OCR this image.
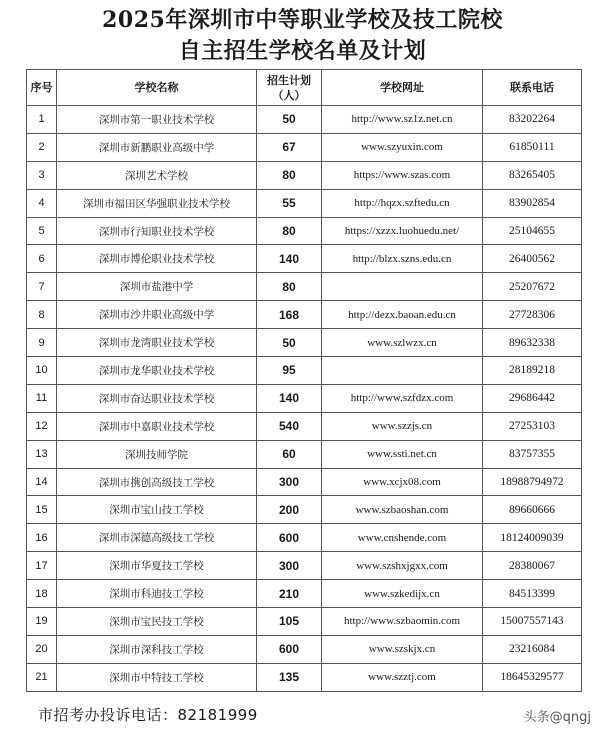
2025年深圳市中等职业学校及技工院校
自主招生学校名单及计划
序号	学校名称	招生计划（人）	学校网址	联系电话
1	深圳市第一职业技术学校	50	http://www.sz1z.net.cn	83202264
2	深圳市新鹏职业高级中学	67	www.szyuxin.com	61850111
3	深圳艺术学校	80	https://www.szas.com	83265405
4	深圳市福田区华强职业技术学校	55	http://hqzx.szftedu.cn	83902854
5	深圳市行知职业技术学校	80	https://xzzx.luohuedu.net/	25104655
6	深圳市博伦职业技术学校	140	http://blzx.szns.edu.cn	26400562
7	深圳市盐港中学	80		25207672
8	深圳市沙井职业高级中学	168	http://dezx.baoan.edu.cn	27728306
9	深圳市龙湾职业技术学校	50	www.szlwzx.cn	89632338
10	深圳市龙华职业技术学校	95		28189218
11	深圳市奋达职业技术学校	140	http://www.szfdzx.com	29686442
12	深圳市中嘉职业技术学校	540	www.szzjs.cn	27253103
13	深圳技师学院	60	www.ssti.net.cn	83757355
14	深圳市携创高级技工学校	300	www.xcjx08.com	18988794972
15	深圳市宝山技工学校	200	www.szbaoshan.com	89660666
16	深圳市深德高级技工学校	600	www.cnshende.com	18124009039
17	深圳市华夏技工学校	300	www.szshxjgxx.com	28380067
18	深圳市科迪技工学校	210	www.szkedijx.cn	84513399
19	深圳市宝民技工学校	105	http://www.szbaomin.com	15007557143
20	深圳市深科技工学校	600	www.szskjx.cn	23216084
21	深圳市中特技工学校	135	www.szztj.com	18645329577
市招考办投诉电话：82181999	头条@qngj
